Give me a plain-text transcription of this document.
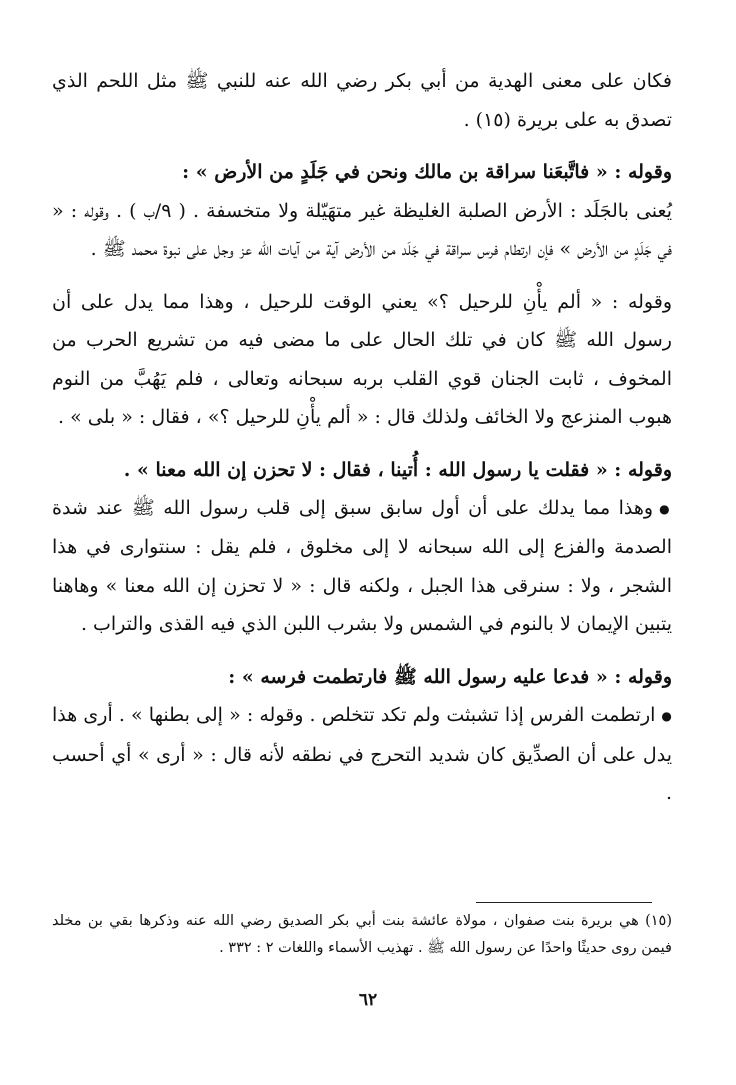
فكان على معنى الهدية من أبي بكر رضي الله عنه للنبي ﷺ مثل اللحم الذي تصدق به على بريرة (١٥) .

وقوله : « فاتَّبعَنا سراقة بن مالك ونحن في جَلَدٍ من الأرض » :

يُعنى بالجَلَد : الأرض الصلبة الغليظة غير متهَيّلة ولا متخسفة . ( ٩/ب ) . وقوله : « في جَلَدٍ من الأرض » فإن ارتطام فرس سراقة في جَلَد من الأرض آية من آيات الله عز وجل على نبوة محمد ﷺ .

وقوله : « ألم يأْنِ للرحيل ؟» يعني الوقت للرحيل ، وهذا مما يدل على أن رسول الله ﷺ كان في تلك الحال على ما مضى فيه من تشريع الحرب من المخوف ، ثابت الجنان قوي القلب بربه سبحانه وتعالى ، فلم يَهُبَّ من النوم هبوب المنزعج ولا الخائف ولذلك قال : « ألم يأْنِ للرحيل ؟» ، فقال : « بلى » .

وقوله : « فقلت يا رسول الله : أُتينا ، فقال : لا تحزن إن الله معنا » .

● وهذا مما يدلك على أن أول سابق سبق إلى قلب رسول الله ﷺ عند شدة الصدمة والفزع إلى الله سبحانه لا إلى مخلوق ، فلم يقل : سنتوارى في هذا الشجر ، ولا : سنرقى هذا الجبل ، ولكنه قال : « لا تحزن إن الله معنا » وهاهنا يتبين الإيمان لا بالنوم في الشمس ولا بشرب اللبن الذي فيه القذى والتراب .

وقوله : « فدعا عليه رسول الله ﷺ فارتطمت فرسه » :

● ارتطمت الفرس إذا تشبثت ولم تكد تتخلص . وقوله : « إلى بطنها » . أرى هذا يدل على أن الصدِّيق كان شديد التحرج في نطقه لأنه قال : « أرى » أي أحسب .

(١٥) هي بريرة بنت صفوان ، مولاة عائشة بنت أبي بكر الصديق رضي الله عنه وذكرها بقي بن مخلد فيمن روى حديثًا واحدًا عن رسول الله ﷺ . تهذيب الأسماء واللغات ٢ : ٣٣٢ .
٦٢
